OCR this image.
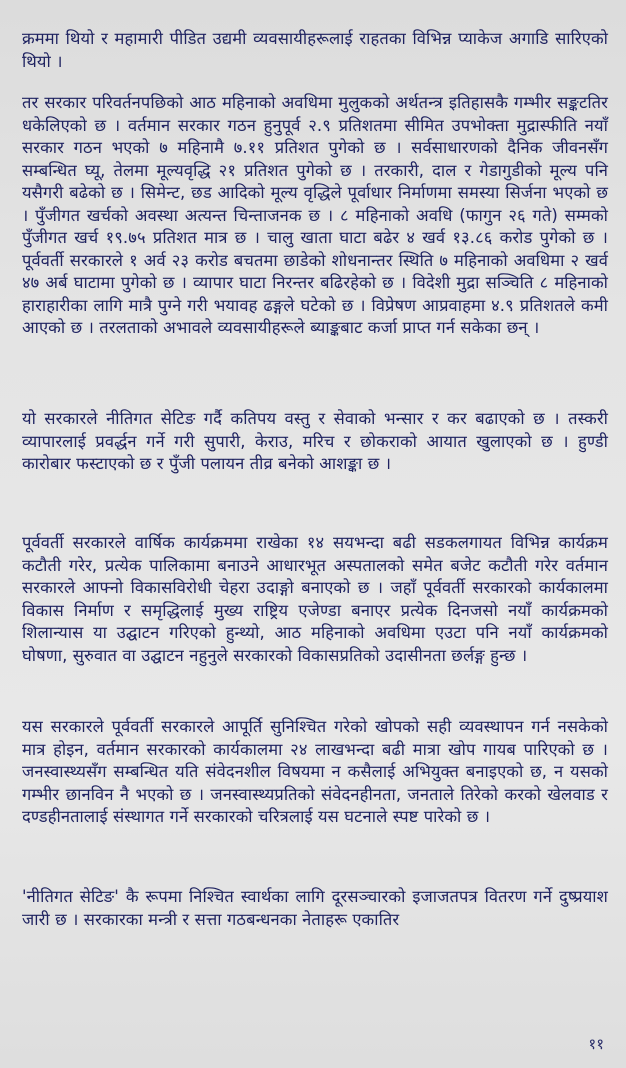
क्रममा थियो र महामारी पीडित उद्यमी व्यवसायीहरूलाई राहतका विभिन्न प्याकेज अगाडि सारिएको थियो ।

तर सरकार परिवर्तनपछिको आठ महिनाको अवधिमा मुलुकको अर्थतन्त्र इतिहासकै गम्भीर सङ्कटतिर धकेलिएको छ । वर्तमान सरकार गठन हुनुपूर्व २.९ प्रतिशतमा सीमित उपभोक्ता मुद्रास्फीति नयाँ सरकार गठन भएको ७ महिनामै ७.११ प्रतिशत पुगेको छ । सर्वसाधारणको दैनिक जीवनसँग सम्बन्धित घ्यू, तेलमा मूल्यवृद्धि २१ प्रतिशत पुगेको छ । तरकारी, दाल र गेडागुडीको मूल्य पनि यसैगरी बढेको छ । सिमेन्ट, छड आदिको मूल्य वृद्धिले पूर्वाधार निर्माणमा समस्या सिर्जना भएको छ । पुँजीगत खर्चको अवस्था अत्यन्त चिन्ताजनक छ । ८ महिनाको अवधि (फागुन २६ गते) सम्मको पुँजीगत खर्च १९.७५ प्रतिशत मात्र छ । चालु खाता घाटा बढेर ४ खर्व १३.८६ करोड पुगेको छ । पूर्ववर्ती सरकारले १ अर्व २३ करोड बचतमा छाडेको शोधनान्तर स्थिति ७ महिनाको अवधिमा २ खर्व ४७ अर्ब घाटामा पुगेको छ । व्यापार घाटा निरन्तर बढिरहेको छ । विदेशी मुद्रा सञ्चिति ८ महिनाको हाराहारीका लागि मात्रै पुग्ने गरी भयावह ढङ्गले घटेको छ । विप्रेषण आप्रवाहमा ४.९ प्रतिशतले कमी आएको छ । तरलताको अभावले व्यवसायीहरूले ब्याङ्कबाट कर्जा प्राप्त गर्न सकेका छन् ।

यो सरकारले नीतिगत सेटिङ गर्दै कतिपय वस्तु र सेवाको भन्सार र कर बढाएको छ । तस्करी व्यापारलाई प्रवर्द्धन गर्ने गरी सुपारी, केराउ, मरिच र छोकराको आयात खुलाएको छ । हुण्डी कारोबार फस्टाएको छ र पुँजी पलायन तीव्र बनेको आशङ्का छ ।

पूर्ववर्ती सरकारले वार्षिक कार्यक्रममा राखेका १४ सयभन्दा बढी सडकलगायत विभिन्न कार्यक्रम कटौती गरेर, प्रत्येक पालिकामा बनाउने आधारभूत अस्पतालको समेत बजेट कटौती गरेर वर्तमान सरकारले आफ्नो विकासविरोधी चेहरा उदाङ्गो बनाएको छ । जहाँ पूर्ववर्ती सरकारको कार्यकालमा विकास निर्माण र समृद्धिलाई मुख्य राष्ट्रिय एजेण्डा बनाएर प्रत्येक दिनजसो नयाँ कार्यक्रमको शिलान्यास या उद्घाटन गरिएको हुन्थ्यो, आठ महिनाको अवधिमा एउटा पनि नयाँ कार्यक्रमको घोषणा, सुरुवात वा उद्घाटन नहुनुले सरकारको विकासप्रतिको उदासीनता छर्लङ्ग हुन्छ ।

यस सरकारले पूर्ववर्ती सरकारले आपूर्ति सुनिश्चित गरेको खोपको सही व्यवस्थापन गर्न नसकेको मात्र होइन, वर्तमान सरकारको कार्यकालमा २४ लाखभन्दा बढी मात्रा खोप गायब पारिएको छ । जनस्वास्थ्यसँग सम्बन्धित यति संवेदनशील विषयमा न कसैलाई अभियुक्त बनाइएको छ, न यसको गम्भीर छानविन नै भएको छ । जनस्वास्थ्यप्रतिको संवेदनहीनता, जनताले तिरेको करको खेलवाड र दण्डहीनतालाई संस्थागत गर्ने सरकारको चरित्रलाई यस घटनाले स्पष्ट पारेको छ ।

'नीतिगत सेटिङ' कै रूपमा निश्चित स्वार्थका लागि दूरसञ्चारको इजाजतपत्र वितरण गर्ने दुष्प्रयाश जारी छ । सरकारका मन्त्री र सत्ता गठबन्धनका नेताहरू एकातिर

११
